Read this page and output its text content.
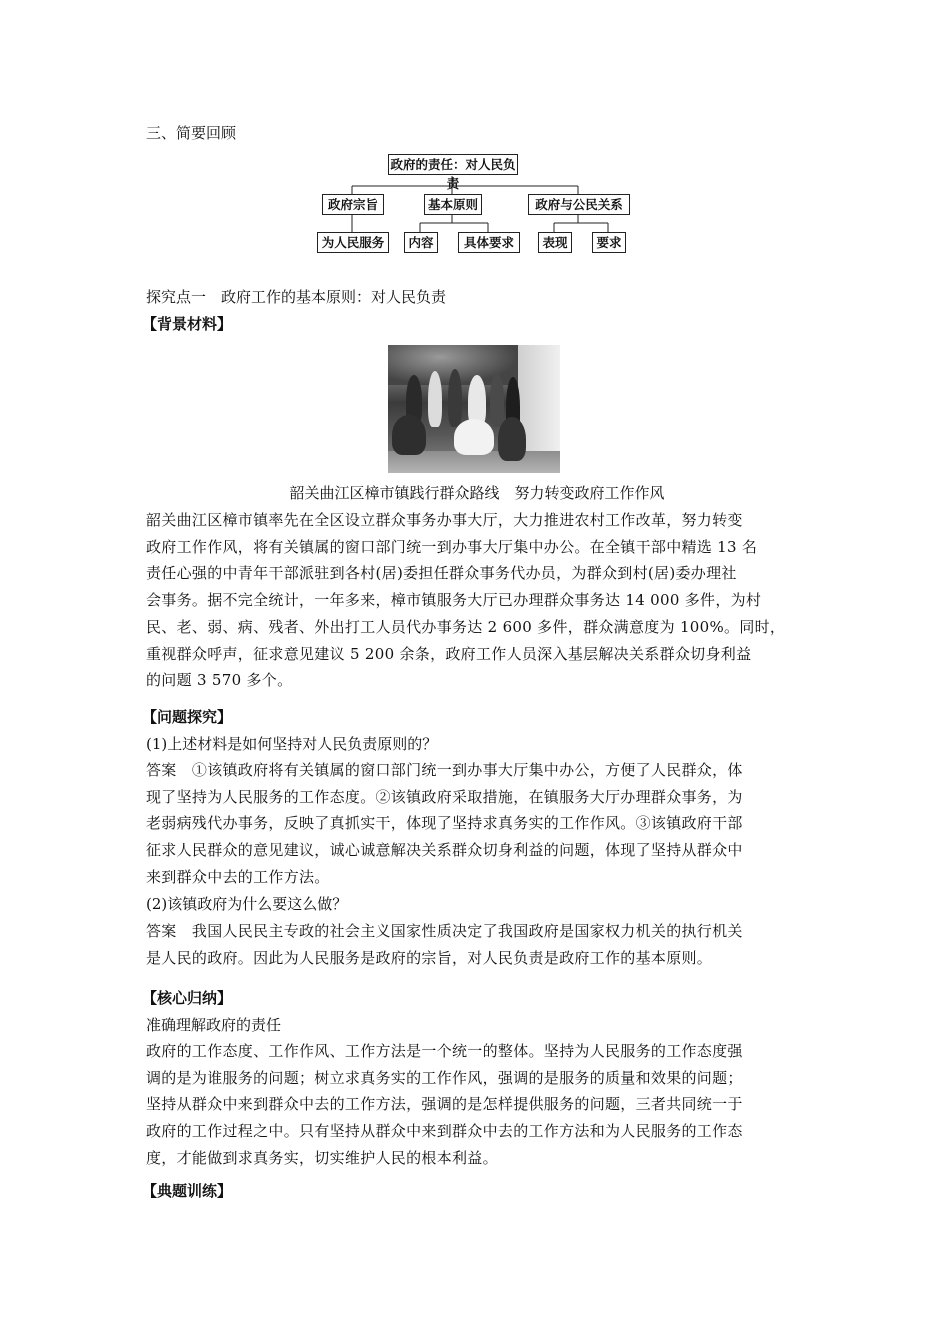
三、简要回顾
政府的责任：对人民负责
政府宗旨	基本原则	政府与公民关系
为人民服务	内容	具体要求	表现	要求
探究点一　政府工作的基本原则：对人民负责
【背景材料】
韶关曲江区樟市镇践行群众路线　努力转变政府工作作风
韶关曲江区樟市镇率先在全区设立群众事务办事大厅，大力推进农村工作改革，努力转变
政府工作作风，将有关镇属的窗口部门统一到办事大厅集中办公。在全镇干部中精选 13 名
责任心强的中青年干部派驻到各村(居)委担任群众事务代办员，为群众到村(居)委办理社
会事务。据不完全统计，一年多来，樟市镇服务大厅已办理群众事务达 14 000 多件，为村
民、老、弱、病、残者、外出打工人员代办事务达 2 600 多件，群众满意度为 100%。同时，
重视群众呼声，征求意见建议 5 200 余条，政府工作人员深入基层解决关系群众切身利益
的问题 3 570 多个。
【问题探究】
(1)上述材料是如何坚持对人民负责原则的？
答案　①该镇政府将有关镇属的窗口部门统一到办事大厅集中办公，方便了人民群众，体
现了坚持为人民服务的工作态度。②该镇政府采取措施，在镇服务大厅办理群众事务，为
老弱病残代办事务，反映了真抓实干，体现了坚持求真务实的工作作风。③该镇政府干部
征求人民群众的意见建议，诚心诚意解决关系群众切身利益的问题，体现了坚持从群众中
来到群众中去的工作方法。
(2)该镇政府为什么要这么做？
答案　我国人民民主专政的社会主义国家性质决定了我国政府是国家权力机关的执行机关
是人民的政府。因此为人民服务是政府的宗旨，对人民负责是政府工作的基本原则。
【核心归纳】
准确理解政府的责任
政府的工作态度、工作作风、工作方法是一个统一的整体。坚持为人民服务的工作态度强
调的是为谁服务的问题；树立求真务实的工作作风，强调的是服务的质量和效果的问题；
坚持从群众中来到群众中去的工作方法，强调的是怎样提供服务的问题，三者共同统一于
政府的工作过程之中。只有坚持从群众中来到群众中去的工作方法和为人民服务的工作态
度，才能做到求真务实，切实维护人民的根本利益。
【典题训练】
